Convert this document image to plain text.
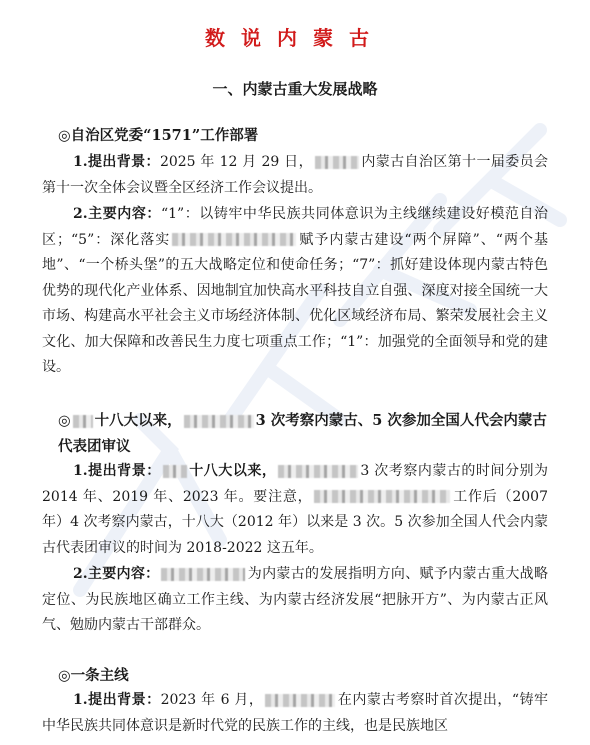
数说内蒙古
一、内蒙古重大发展战略
◎自治区党委“1571”工作部署
1.提出背景：2025 年 12 月 29 日，	内蒙古自治区第十一届委员会第十一次全体会议暨全区经济工作会议提出。
2.主要内容：“1”：以铸牢中华民族共同体意识为主线继续建设好模范自治区；“5”：深化落实	赋予内蒙古建设“两个屏障”、“两个基地”、“一个桥头堡”的五大战略定位和使命任务；“7”：抓好建设体现内蒙古特色优势的现代化产业体系、因地制宜加快高水平科技自立自强、深度对接全国统一大市场、构建高水平社会主义市场经济体制、优化区域经济布局、繁荣发展社会主义文化、加大保障和改善民生力度七项重点工作；“1”：加强党的全面领导和党的建设。
◎ 十八大以来，	3 次考察内蒙古、5 次参加全国人代会内蒙古代表团审议
1.提出背景： 十八大以来，	3 次考察内蒙古的时间分别为 2014 年、2019 年、2023 年。要注意，	工作后（2007 年）4 次考察内蒙古，十八大（2012 年）以来是 3 次。5 次参加全国人代会内蒙古代表团审议的时间为 2018-2022 这五年。
2.主要内容：	为内蒙古的发展指明方向、赋予内蒙古重大战略定位、为民族地区确立工作主线、为内蒙古经济发展“把脉开方”、为内蒙古正风气、勉励内蒙古干部群众。
◎一条主线
1.提出背景：2023 年 6 月，	在内蒙古考察时首次提出，“铸牢中华民族共同体意识是新时代党的民族工作的主线，也是民族地区
